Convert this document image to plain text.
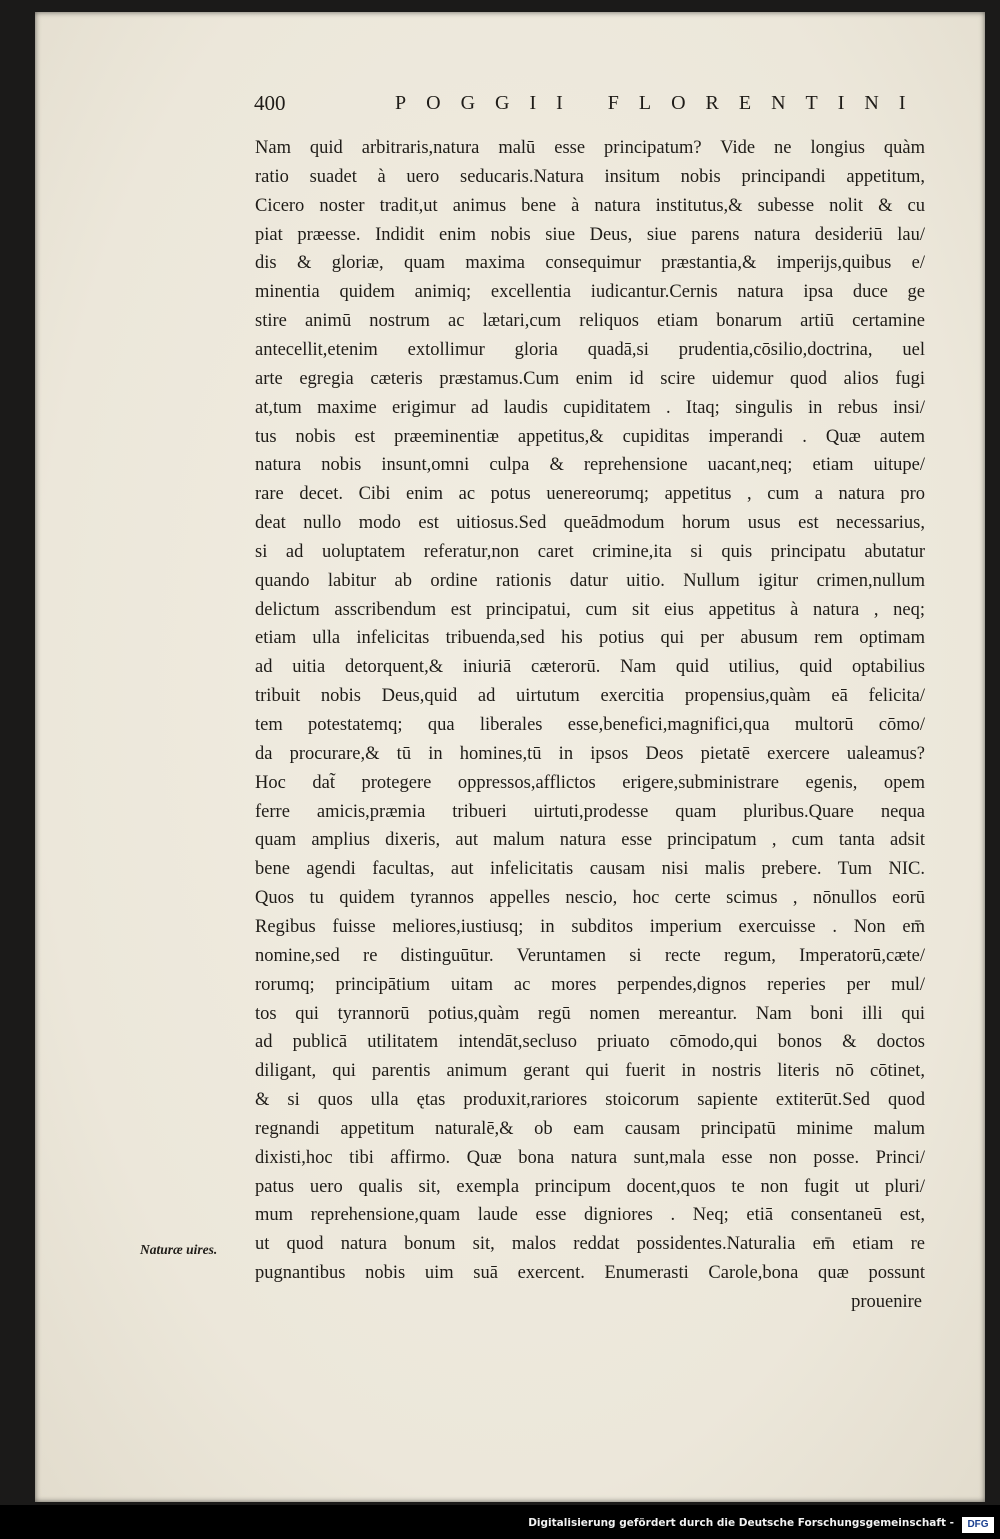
400	POGGII FLORENTINI
Nam quid arbitraris,natura malū esse principatum? Vide ne longius quàm
ratio suadet à uero seducaris.Natura insitum nobis principandi appetitum,
Cicero noster tradit,ut animus bene à natura institutus,& subesse nolit & cu
piat præesse. Indidit enim nobis siue Deus, siue parens natura desideriū lau/
dis & gloriæ, quam maxima consequimur præstantia,& imperijs,quibus e/
minentia quidem animiq; excellentia iudicantur.Cernis natura ipsa duce ge
stire animū nostrum ac lætari,cum reliquos etiam bonarum artiū certamine
antecellit,etenim extollimur gloria quadā,si prudentia,cōsilio,doctrina, uel
arte egregia cæteris præstamus.Cum enim id scire uidemur quod alios fugi
at,tum maxime erigimur ad laudis cupiditatem . Itaq; singulis in rebus insi/
tus nobis est præeminentiæ appetitus,& cupiditas imperandi . Quæ autem
natura nobis insunt,omni culpa & reprehensione uacant,neq; etiam uitupe/
rare decet. Cibi enim ac potus uenereorumq; appetitus , cum a natura pro
deat nullo modo est uitiosus.Sed queādmodum horum usus est necessarius,
si ad uoluptatem referatur,non caret crimine,ita si quis principatu abutatur
quando labitur ab ordine rationis datur uitio. Nullum igitur crimen,nullum
delictum asscribendum est principatui, cum sit eius appetitus à natura , neq;
etiam ulla infelicitas tribuenda,sed his potius qui per abusum rem optimam
ad uitia detorquent,& iniuriā cæterorū. Nam quid utilius, quid optabilius
tribuit nobis Deus,quid ad uirtutum exercitia propensius,quàm eā felicita/
tem potestatemq; qua liberales esse,benefici,magnifici,qua multorū cōmo/
da procurare,& tū in homines,tū in ipsos Deos pietatē exercere ualeamus?
Hoc dat̃ protegere oppressos,afflictos erigere,subministrare egenis, opem
ferre amicis,præmia tribueri uirtuti,prodesse quam pluribus.Quare nequa
quam amplius dixeris, aut malum natura esse principatum , cum tanta adsit
bene agendi facultas, aut infelicitatis causam nisi malis prebere. Tum NIC.
Quos tu quidem tyrannos appelles nescio, hoc certe scimus , nōnullos eorū
Regibus fuisse meliores,iustiusq; in subditos imperium exercuisse . Non em̄
nomine,sed re distinguūtur. Veruntamen si recte regum, Imperatorū,cæte/
rorumq; principātium uitam ac mores perpendes,dignos reperies per mul/
tos qui tyrannorū potius,quàm regū nomen mereantur. Nam boni illi qui
ad publicā utilitatem intendāt,secluso priuato cōmodo,qui bonos & doctos
diligant, qui parentis animum gerant qui fuerit in nostris literis nō cōtinet,
& si quos ulla ętas produxit,rariores stoicorum sapiente extiterūt.Sed quod
regnandi appetitum naturalē,& ob eam causam principatū minime malum
dixisti,hoc tibi affirmo. Quæ bona natura sunt,mala esse non posse. Princi/
patus uero qualis sit, exempla principum docent,quos te non fugit ut pluri/
mum reprehensione,quam laude esse digniores . Neq; etiā consentaneū est,
ut quod natura bonum sit, malos reddat possidentes.Naturalia em̄ etiam re
pugnantibus nobis uim suā exercent. Enumerasti Carole,bona quæ possunt
prouenire
Naturæ uires.
Digitalisierung gefördert durch die Deutsche Forschungsgemeinschaft -	DFG
